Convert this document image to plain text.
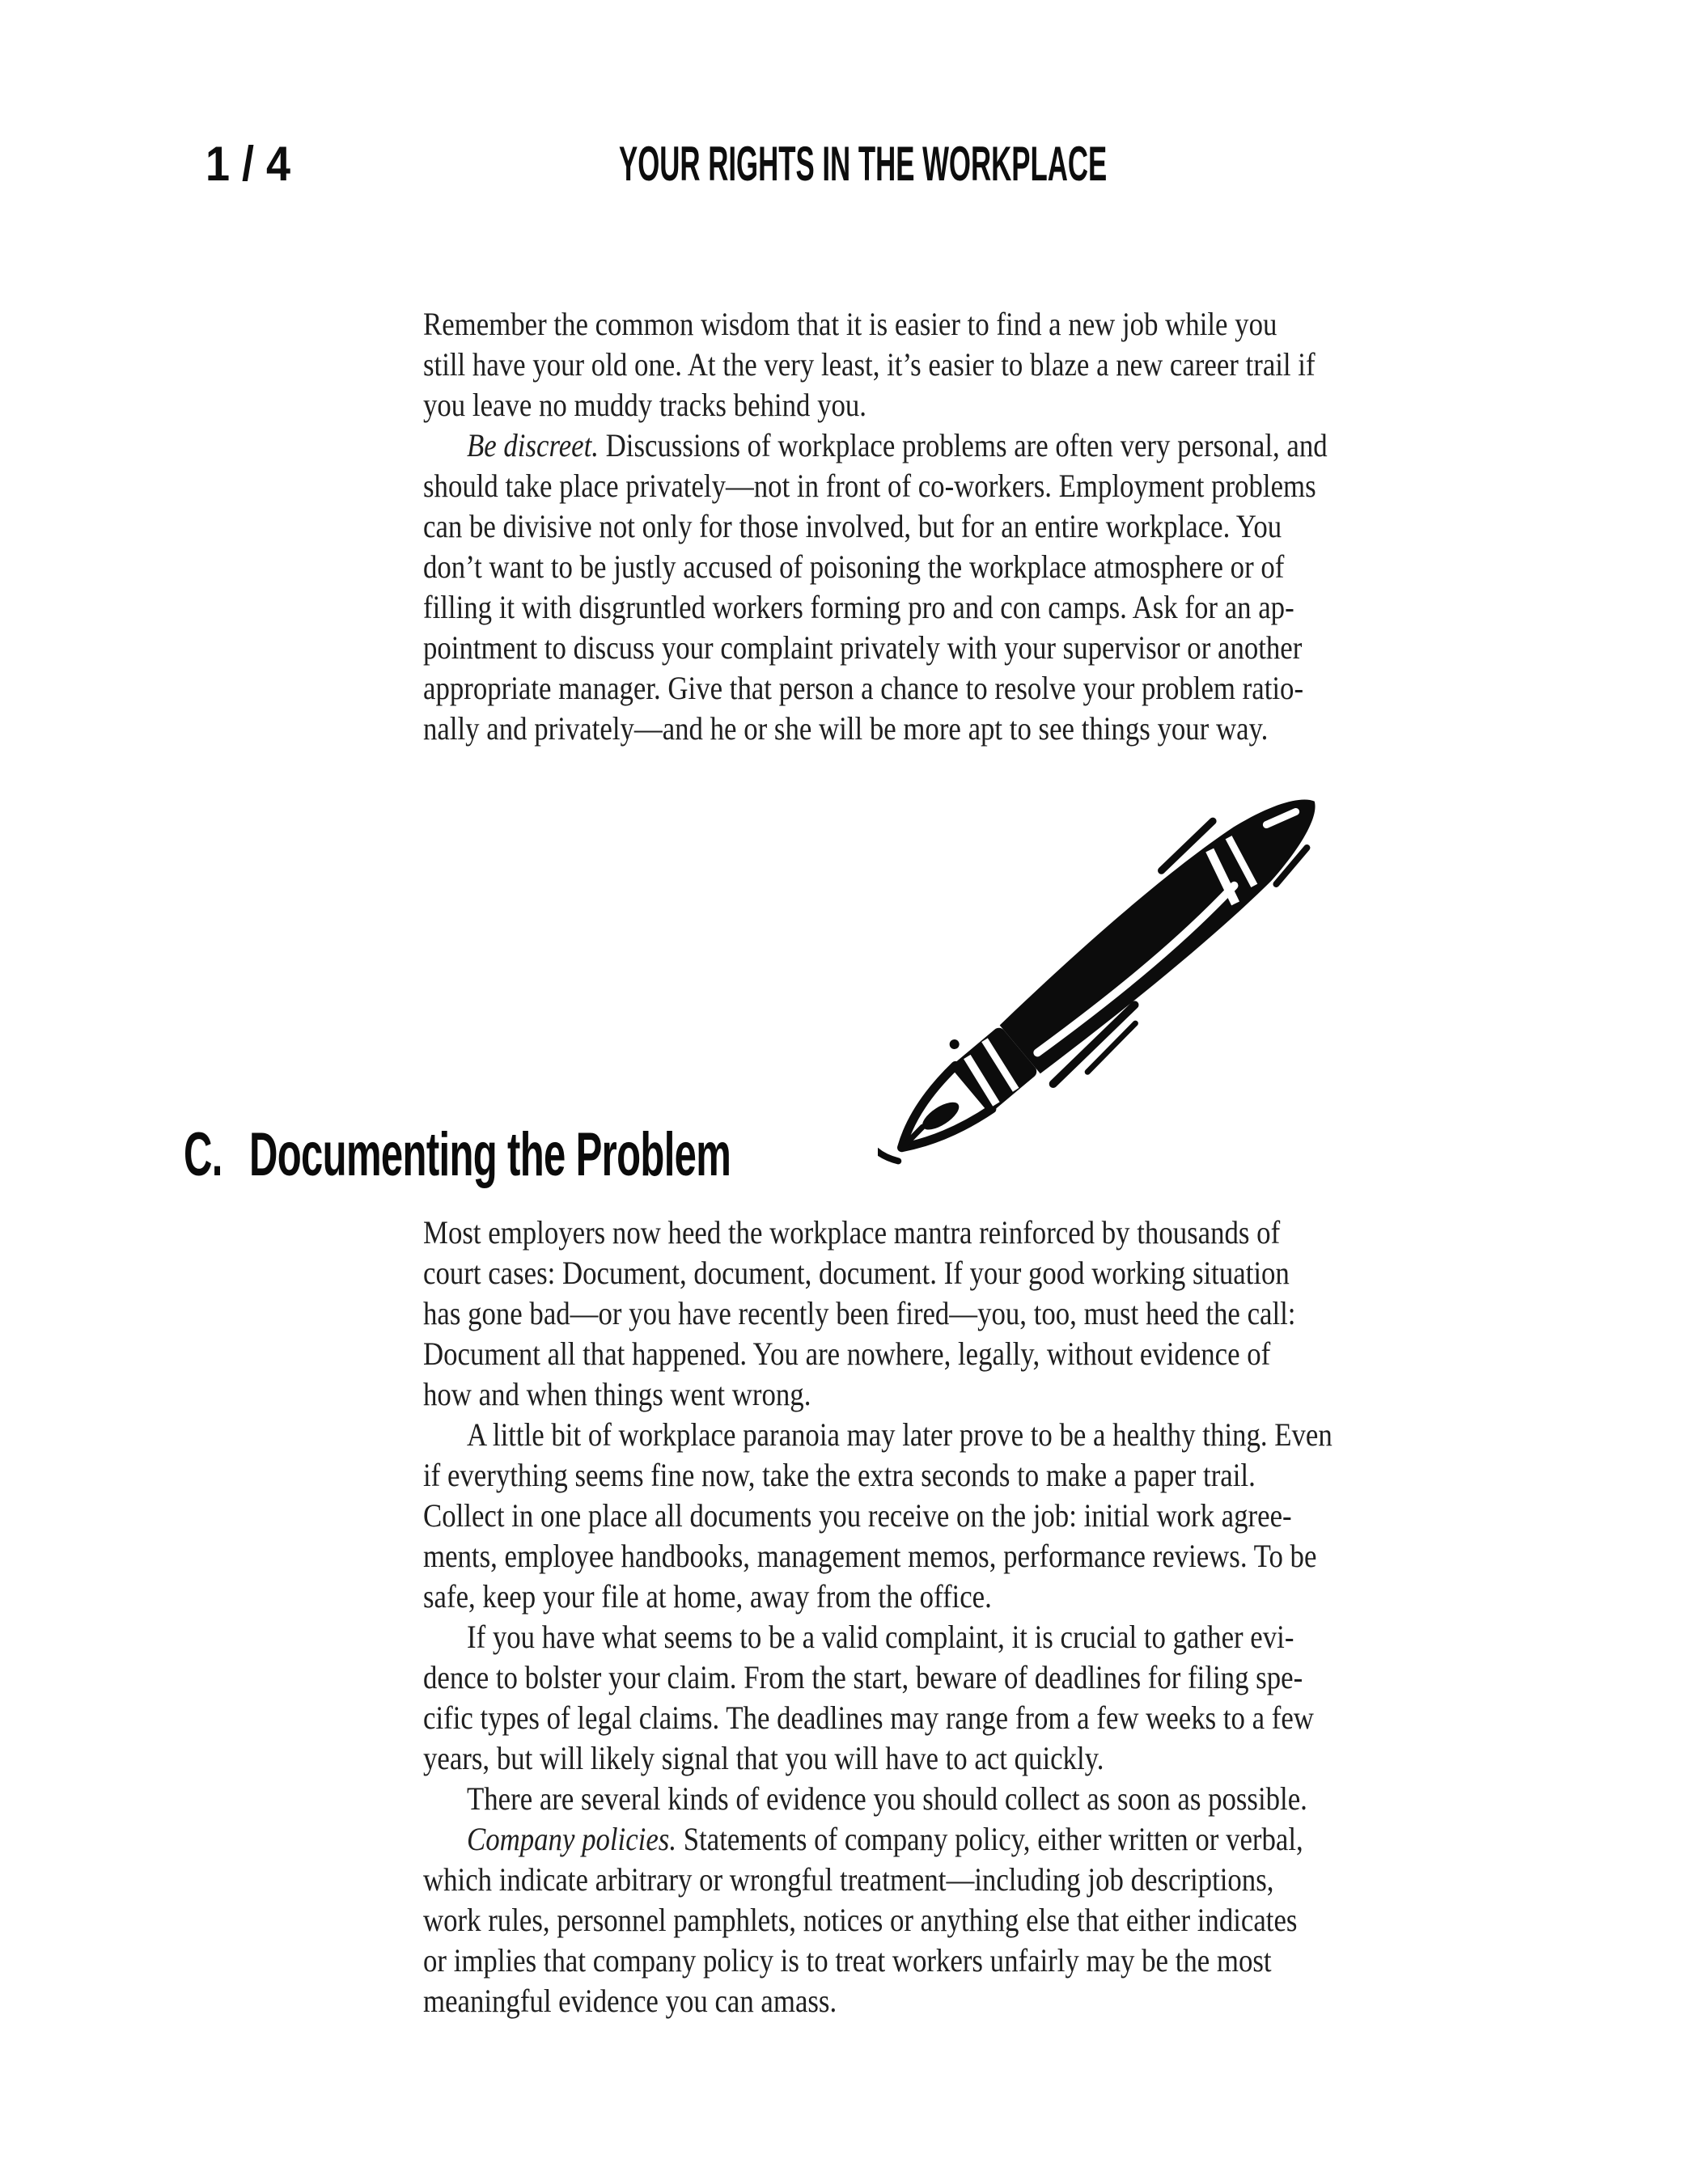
1 / 4	YOUR RIGHTS IN THE WORKPLACE
Remember the common wisdom that it is easier to find a new job while you
still have your old one. At the very least, it’s easier to blaze a new career trail if
you leave no muddy tracks behind you.
Be discreet. Discussions of workplace problems are often very personal, and
should take place privately—not in front of co-workers. Employment problems
can be divisive not only for those involved, but for an entire workplace. You
don’t want to be justly accused of poisoning the workplace atmosphere or of
filling it with disgruntled workers forming pro and con camps. Ask for an ap-
pointment to discuss your complaint privately with your supervisor or another
appropriate manager. Give that person a chance to resolve your problem ratio-
nally and privately—and he or she will be more apt to see things your way.
C. Documenting the Problem
Most employers now heed the workplace mantra reinforced by thousands of
court cases: Document, document, document. If your good working situation
has gone bad—or you have recently been fired—you, too, must heed the call:
Document all that happened. You are nowhere, legally, without evidence of
how and when things went wrong.
A little bit of workplace paranoia may later prove to be a healthy thing. Even
if everything seems fine now, take the extra seconds to make a paper trail.
Collect in one place all documents you receive on the job: initial work agree-
ments, employee handbooks, management memos, performance reviews. To be
safe, keep your file at home, away from the office.
If you have what seems to be a valid complaint, it is crucial to gather evi-
dence to bolster your claim. From the start, beware of deadlines for filing spe-
cific types of legal claims. The deadlines may range from a few weeks to a few
years, but will likely signal that you will have to act quickly.
There are several kinds of evidence you should collect as soon as possible.
Company policies. Statements of company policy, either written or verbal,
which indicate arbitrary or wrongful treatment—including job descriptions,
work rules, personnel pamphlets, notices or anything else that either indicates
or implies that company policy is to treat workers unfairly may be the most
meaningful evidence you can amass.
